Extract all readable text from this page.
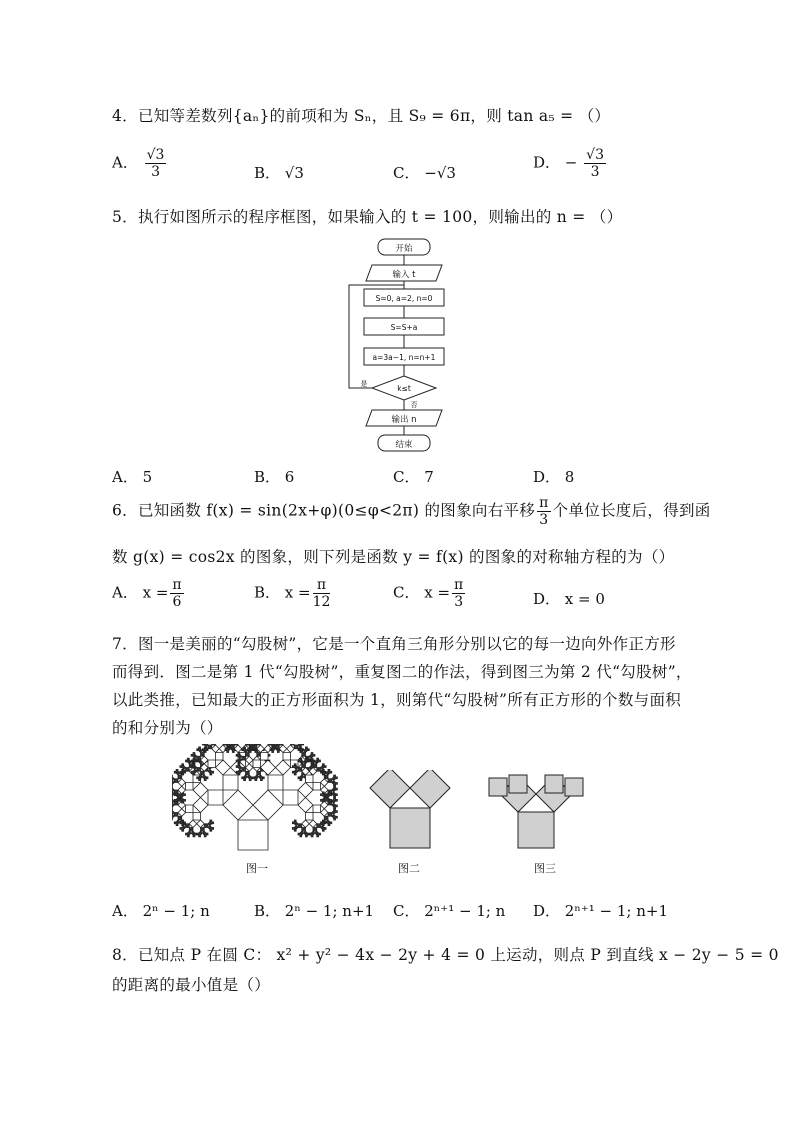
4．已知等差数列{aₙ}的前项和为 Sₙ，且 S₉ = 6π，则 tan a₅ = （）
A． $\frac{√3}{3}$	B． √3	C． −√3
D． − $\frac{√3}{3}$
5．执行如图所示的程序框图，如果输入的 t = 100，则输出的 n = （）
开始
输入 t
S=0, a=2, n=0
S=S+a
a=3a−1, n=n+1
k≤t
否
是
输出 n
结束
A． 5	B． 6	C． 7	D． 8
6．已知函数 f(x) = sin(2x+φ)(0≤φ<2π) 的图象向右平移 $\frac{\pi}{3}$ 个单位长度后，得到函
数 g(x) = cos2x 的图象，则下列是函数 y = f(x) 的图象的对称轴方程的为（）
A． $x = \frac{\pi}{6}$	B． $x = \frac{\pi}{12}$	C． $x = \frac{\pi}{3}$	D． x = 0
7．图一是美丽的“勾股树”，它是一个直角三角形分别以它的每一边向外作正方形
而得到．图二是第 1 代“勾股树”，重复图二的作法，得到图三为第 2 代“勾股树”，
以此类推，已知最大的正方形面积为 1，则第代“勾股树”所有正方形的个数与面积
的和分别为（）
图一	图二	图三
A． 2ⁿ − 1; n	B． 2ⁿ − 1; n+1 C． 2ⁿ⁺¹ − 1; n D． 2ⁿ⁺¹ − 1; n+1
8．已知点 P 在圆 C： x² + y² − 4x − 2y + 4 = 0 上运动，则点 P 到直线 x − 2y − 5 = 0
的距离的最小值是（）
